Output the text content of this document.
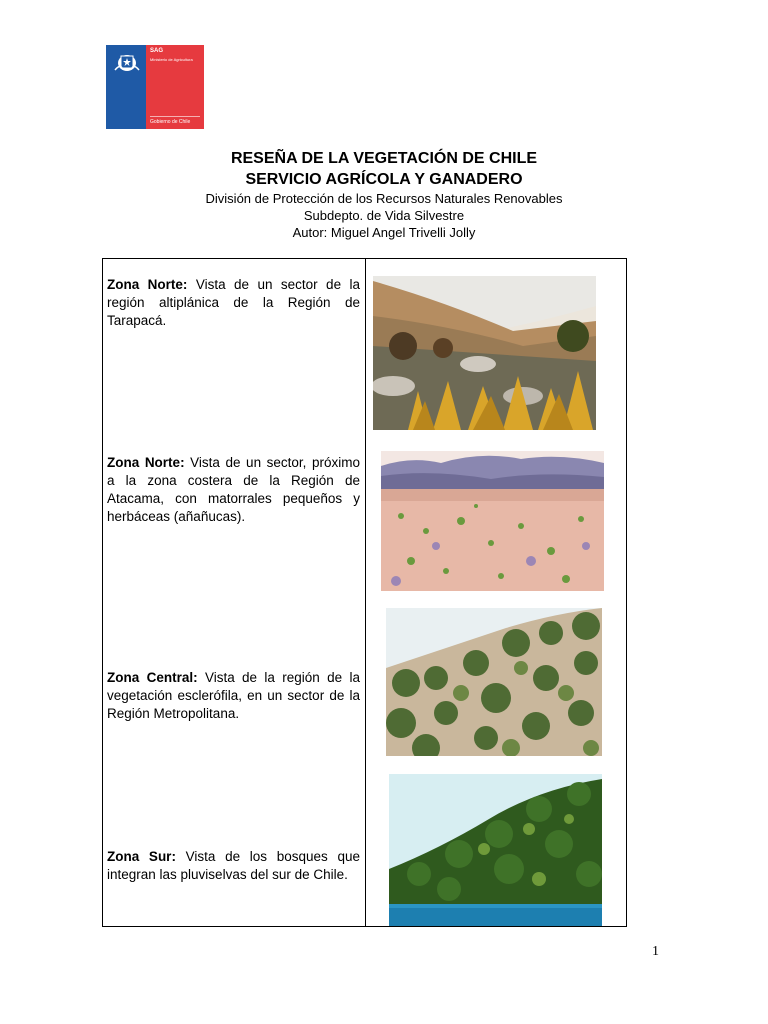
SAG
Ministerio de Agricultura
Gobierno de Chile
RESEÑA DE LA VEGETACIÓN DE CHILE
SERVICIO AGRÍCOLA Y GANADERO
División de Protección de los Recursos Naturales Renovables
Subdepto. de Vida Silvestre
Autor: Miguel Angel Trivelli Jolly
Zona Norte: Vista de un sector de la región altiplánica de la Región de Tarapacá.
Zona Norte: Vista de un sector, próximo a la zona costera de la Región de Atacama, con matorrales pequeños y herbáceas (añañucas).
Zona Central: Vista de la región de la vegetación esclerófila, en un sector de la Región Metropolitana.
Zona Sur: Vista de los bosques que integran las pluviselvas del sur de Chile.
1
